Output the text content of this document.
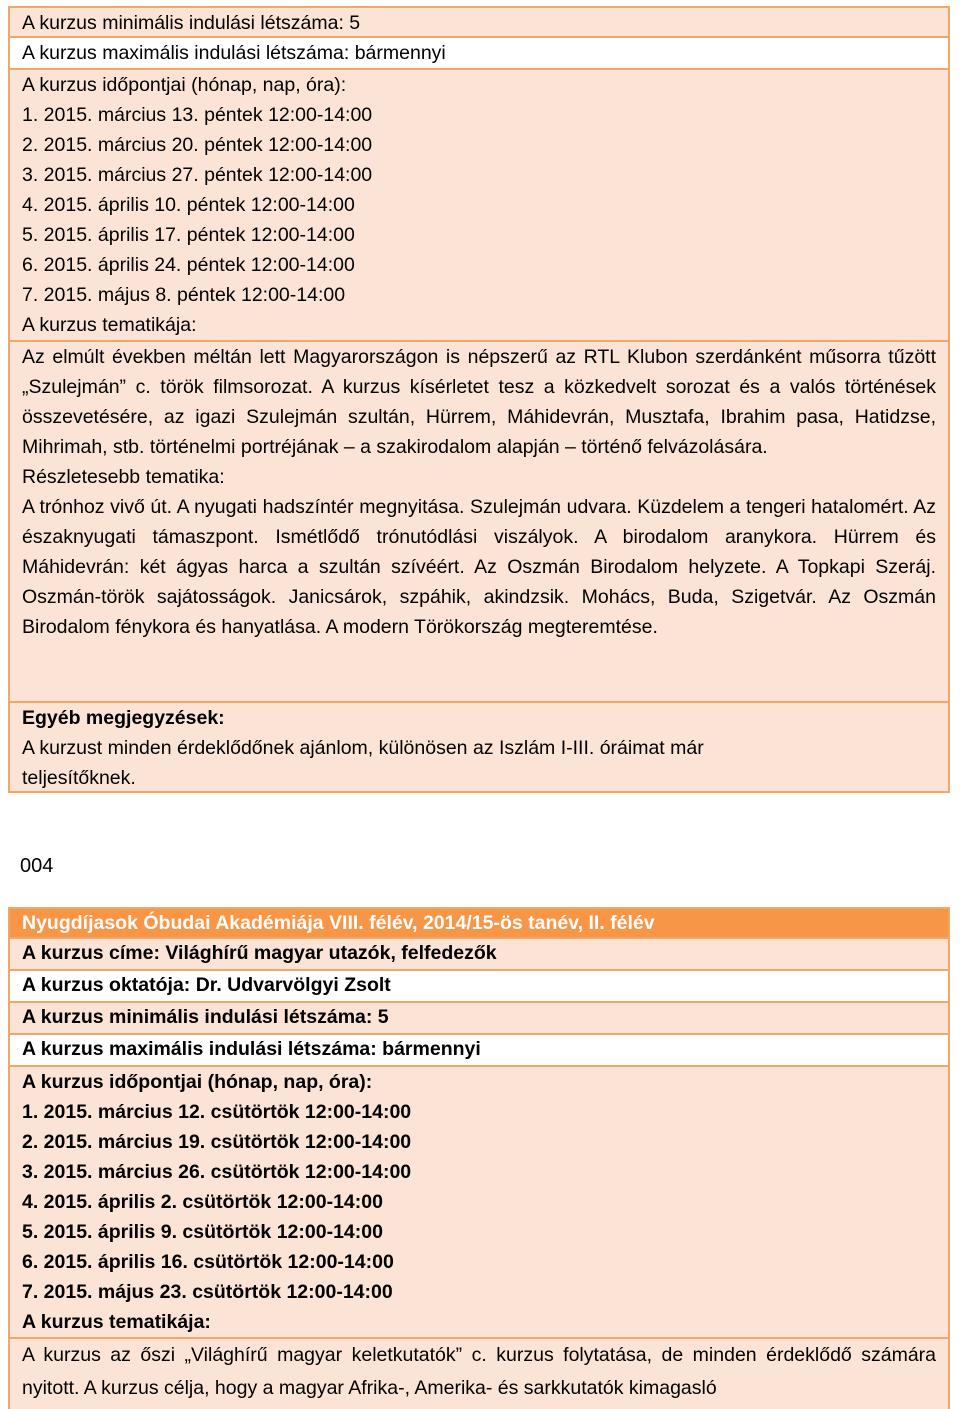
A kurzus minimális indulási létszáma: 5
A kurzus maximális indulási létszáma: bármennyi
A kurzus időpontjai (hónap, nap, óra):
1. 2015. március 13. péntek 12:00-14:00
2. 2015. március 20. péntek 12:00-14:00
3. 2015. március 27. péntek 12:00-14:00
4. 2015. április 10. péntek 12:00-14:00
5. 2015. április 17. péntek 12:00-14:00
6. 2015. április 24. péntek 12:00-14:00
7. 2015. május 8. péntek 12:00-14:00
A kurzus tematikája:
Az elmúlt években méltán lett Magyarországon is népszerű az RTL Klubon szerdánként műsorra tűzött „Szulejmán” c. török filmsorozat. A kurzus kísérletet tesz a közkedvelt sorozat és a valós történések összevetésére, az igazi Szulejmán szultán, Hürrem, Máhidevrán, Musztafa, Ibrahim pasa, Hatidzse, Mihrimah, stb. történelmi portréjának – a szakirodalom alapján – történő felvázolására.
Részletesebb tematika:
A trónhoz vivő út. A nyugati hadszíntér megnyitása. Szulejmán udvara. Küzdelem a tengeri hatalomért. Az északnyugati támaszpont. Ismétlődő trónutódlási viszályok. A birodalom aranykora. Hürrem és Máhidevrán: két ágyas harca a szultán szívéért. Az Oszmán Birodalom helyzete. A Topkapi Szeráj. Oszmán-török sajátosságok. Janicsárok, szpáhik, akindzsik. Mohács, Buda, Szigetvár. Az Oszmán Birodalom fénykora és hanyatlása. A modern Törökország megteremtése.
Egyéb megjegyzések:
A kurzust minden érdeklődőnek ajánlom, különösen az Iszlám I-III. óráimat már teljesítőknek.
004
Nyugdíjasok Óbudai Akadémiája VIII. félév, 2014/15-ös tanév, II. félév
A kurzus címe: Világhírű magyar utazók, felfedezők
A kurzus oktatója: Dr. Udvarvölgyi Zsolt
A kurzus minimális indulási létszáma: 5
A kurzus maximális indulási létszáma: bármennyi
A kurzus időpontjai (hónap, nap, óra):
1. 2015. március 12. csütörtök 12:00-14:00
2. 2015. március 19. csütörtök 12:00-14:00
3. 2015. március 26. csütörtök 12:00-14:00
4. 2015. április 2. csütörtök 12:00-14:00
5. 2015. április 9. csütörtök 12:00-14:00
6. 2015. április 16. csütörtök 12:00-14:00
7. 2015. május 23. csütörtök 12:00-14:00
A kurzus tematikája:
A kurzus az őszi „Világhírű magyar keletkutatók” c. kurzus folytatása, de minden érdeklődő számára nyitott. A kurzus célja, hogy a magyar Afrika-, Amerika- és sarkkutatók kimagasló
